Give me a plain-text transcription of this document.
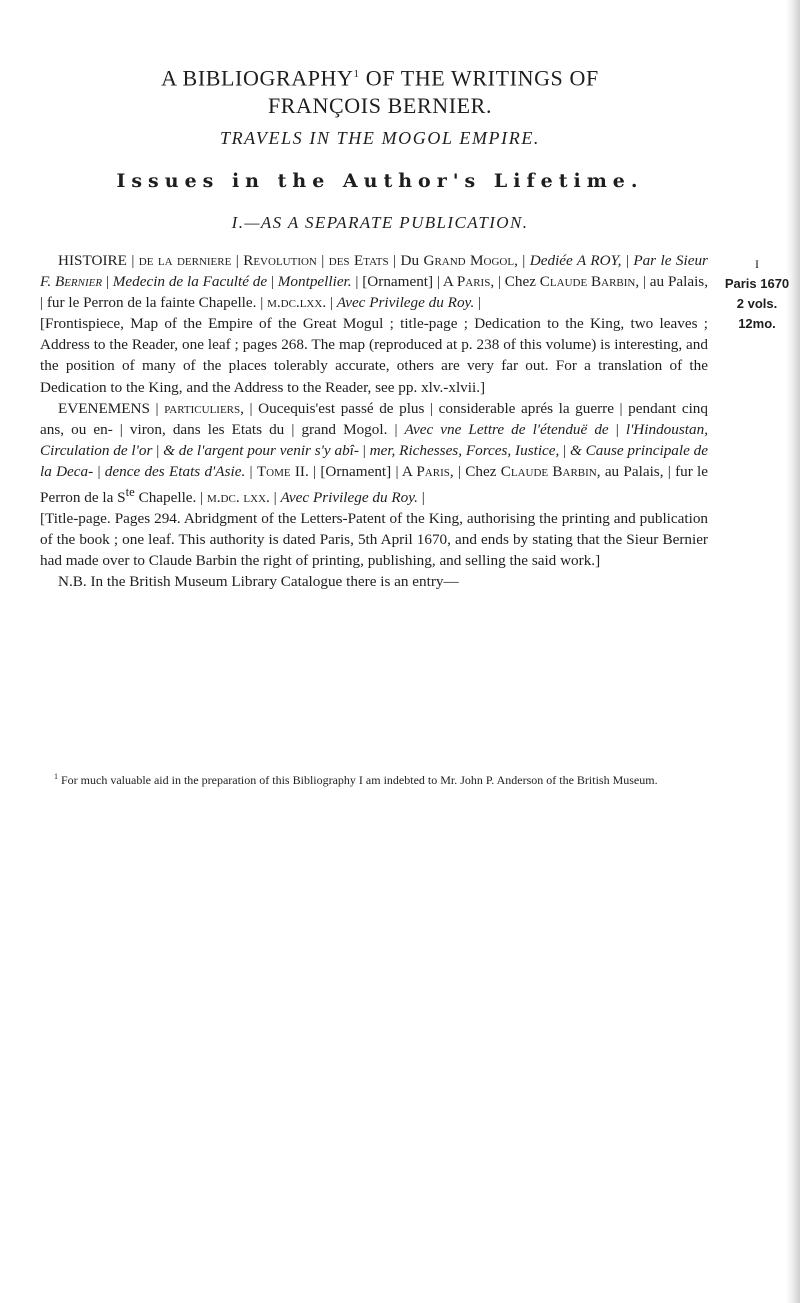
A BIBLIOGRAPHY$^1$ OF THE WRITINGS OF
FRANÇOIS BERNIER.
TRAVELS IN THE MOGOL EMPIRE.
Issues in the Author's Lifetime.
I.—AS A SEPARATE PUBLICATION.
I
Paris 1670
2 vols.
12mo.

HISTOIRE | de la derniere | Revolution | des Etats | Du Grand Mogol, | Dediée A ROY, | Par le Sieur F. Bernier | Medecin de la Faculté de | Montpellier. | [Ornament] | A Paris, | Chez Claude Barbin, | au Palais, | fur le Perron de la fainte Chapelle. | m.dc.lxx. | Avec Privilege du Roy. |

[Frontispiece, Map of the Empire of the Great Mogul ; title-page ; Dedication to the King, two leaves ; Address to the Reader, one leaf ; pages 268. The map (reproduced at p. 238 of this volume) is interesting, and the position of many of the places tolerably accurate, others are very far out. For a translation of the Dedication to the King, and the Address to the Reader, see pp. xlv.-xlvii.]

EVENEMENS | particuliers, | Oucequis'est passé de plus | considerable aprés la guerre | pendant cinq ans, ou en- | viron, dans les Etats du | grand Mogol. | Avec vne Lettre de l'étenduë de | l'Hindoustan, Circulation de l'or | & de l'argent pour venir s'y abî- | mer, Richesses, Forces, Iustice, | & Cause principale de la Deca- | dence des Etats d'Asie. | Tome II. | [Ornament] | A Paris, | Chez Claude Barbin, au Palais, | fur le Perron de la $S^{te}$ Chapelle. | m.dc. lxx. | Avec Privilege du Roy. |

[Title-page. Pages 294. Abridgment of the Letters-Patent of the King, authorising the printing and publication of the book ; one leaf. This authority is dated Paris, 5th April 1670, and ends by stating that the Sieur Bernier had made over to Claude Barbin the right of printing, publishing, and selling the said work.]

N.B. In the British Museum Library Catalogue there is an entry—

$^1$ For much valuable aid in the preparation of this Bibliography I am indebted to Mr. John P. Anderson of the British Museum.
